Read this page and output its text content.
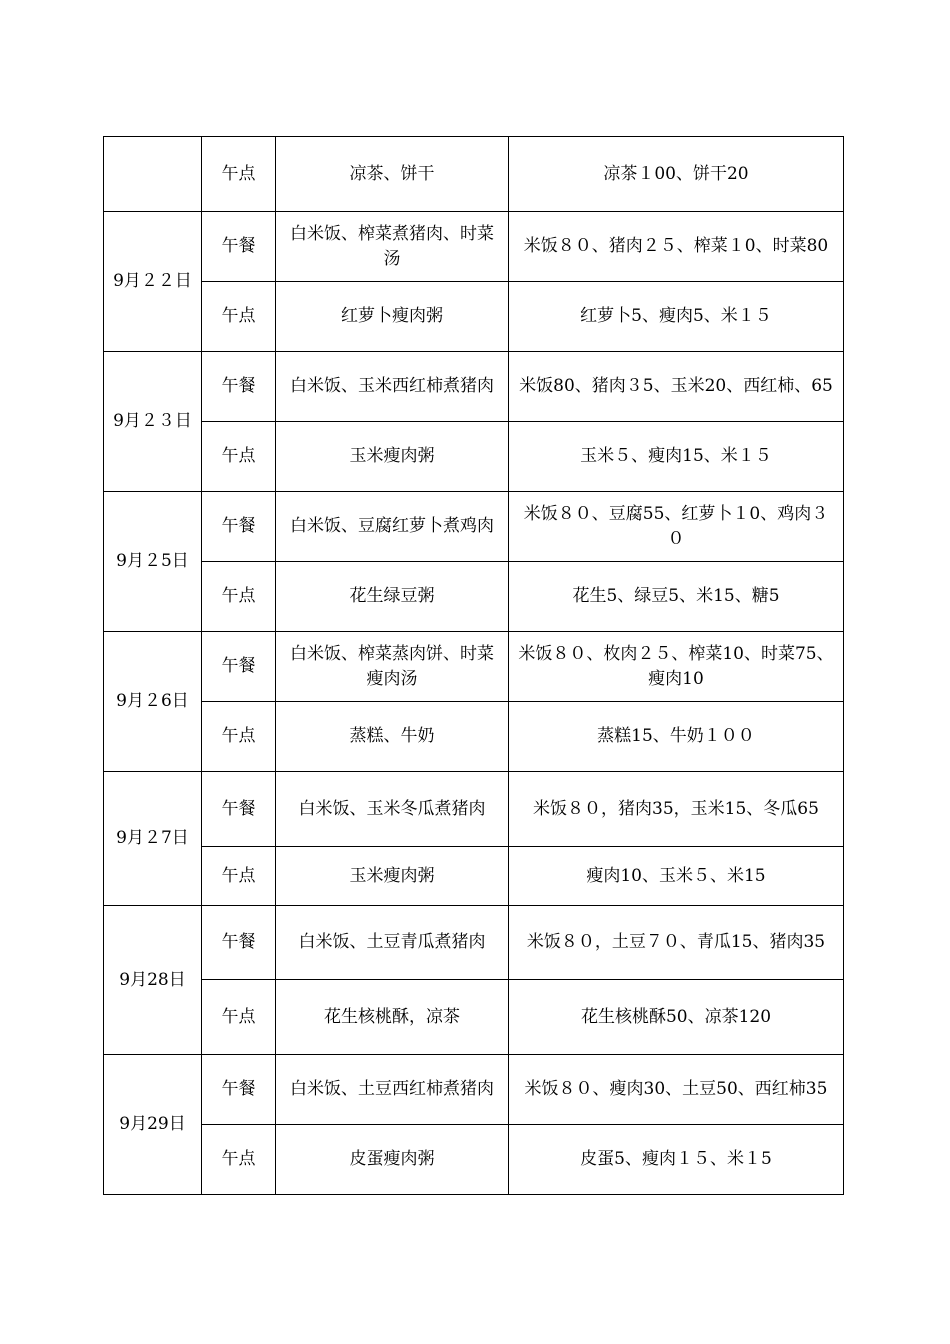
	午点	凉茶、饼干	凉茶１00、饼干20
9月２２日	午餐	白米饭、榨菜煮猪肉、时菜汤	米饭８０、猪肉２５、榨菜１0、时菜80
	午点	红萝卜瘦肉粥	红萝卜5、瘦肉5、米１５
9月２３日	午餐	白米饭、玉米西红柿煮猪肉	米饭80、猪肉３5、玉米20、西红柿、65
	午点	玉米瘦肉粥	玉米５、瘦肉15、米１５
9月２5日	午餐	白米饭、豆腐红萝卜煮鸡肉	米饭８０、豆腐55、红萝卜１0、鸡肉３０
	午点	花生绿豆粥	花生5、绿豆5、米15、糖5
9月２6日	午餐	白米饭、榨菜蒸肉饼、时菜瘦肉汤	米饭８０、枚肉２５、榨菜10、时菜75、瘦肉10
	午点	蒸糕、牛奶	蒸糕15、牛奶１００
9月２7日	午餐	白米饭、玉米冬瓜煮猪肉	米饭８０，猪肉35，玉米15、冬瓜65
	午点	玉米瘦肉粥	瘦肉10、玉米５、米15
9月28日	午餐	白米饭、土豆青瓜煮猪肉	米饭８０，土豆７０、青瓜15、猪肉35
	午点	花生核桃酥，凉茶	花生核桃酥50、凉茶120
9月29日	午餐	白米饭、土豆西红柿煮猪肉	米饭８０、瘦肉30、土豆50、西红柿35
	午点	皮蛋瘦肉粥	皮蛋5、瘦肉１５、米１5
